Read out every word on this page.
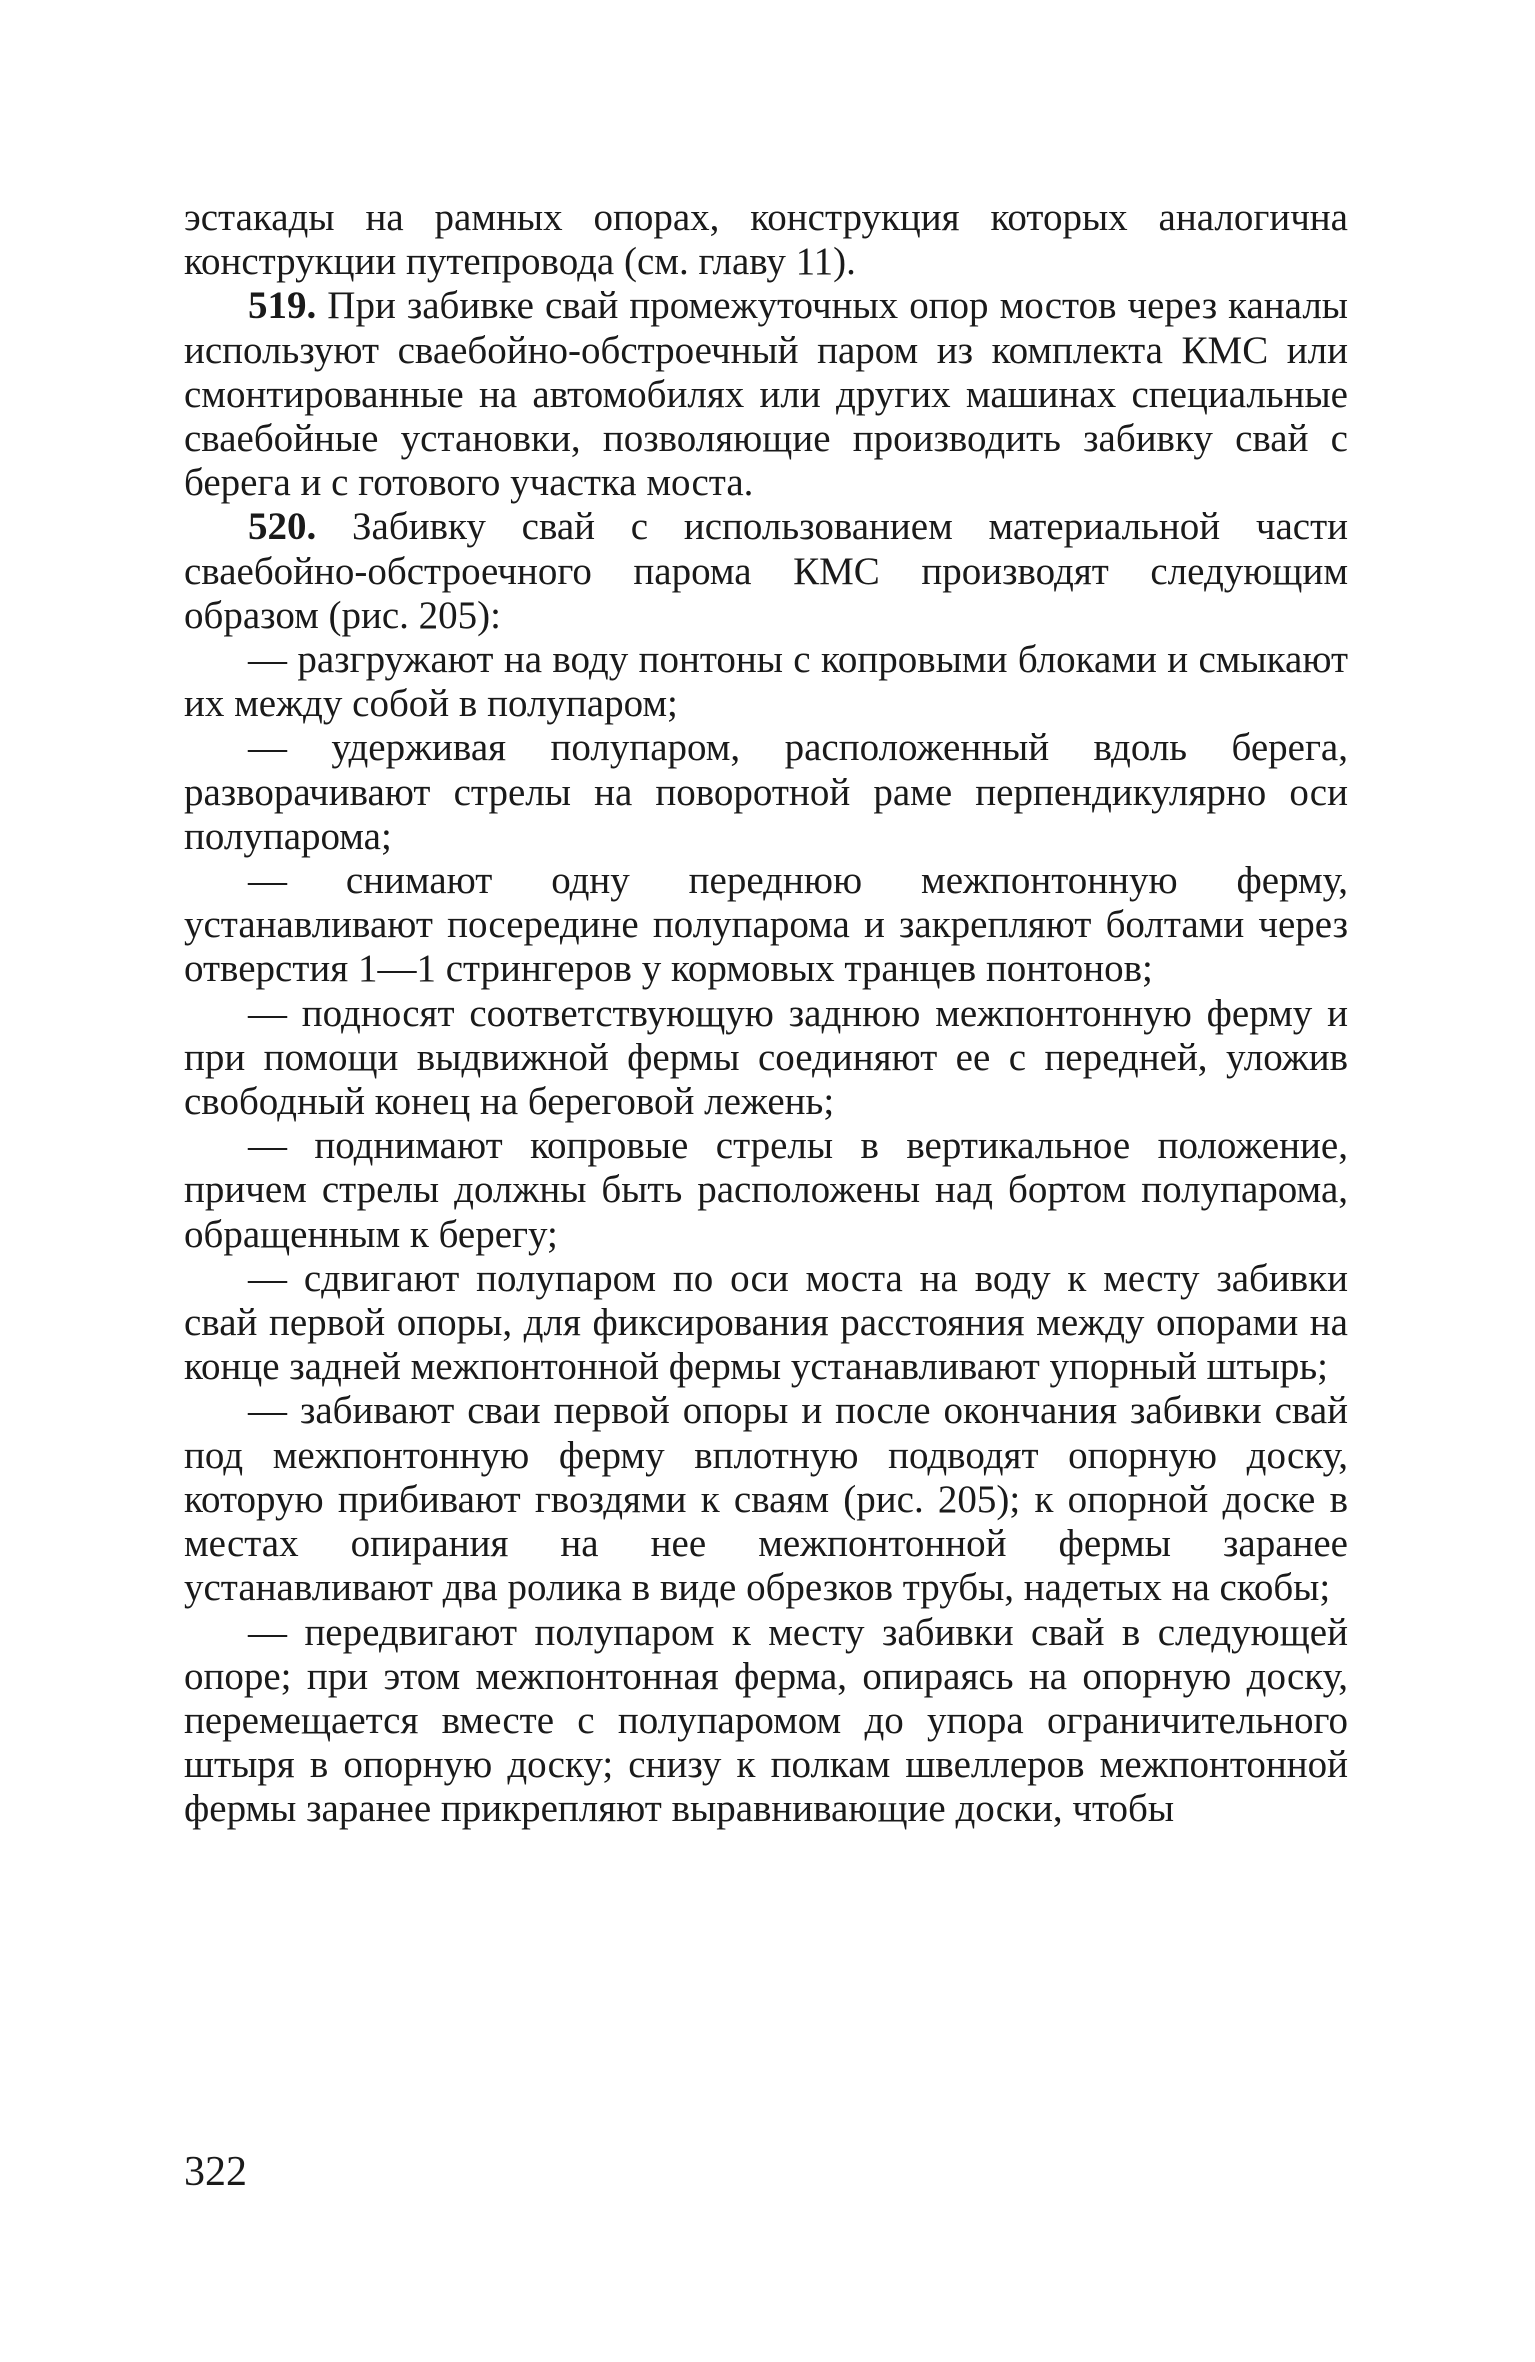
эстакады на рамных опорах, конструкция которых аналогична конструкции путепровода (см. главу 11).

519. При забивке свай промежуточных опор мостов через каналы используют сваебойно-обстроечный паром из комплекта КМС или смонтированные на автомобилях или других машинах специальные сваебойные установки, позволяющие производить забивку свай с берега и с готового участка моста.

520. Забивку свай с использованием материальной части сваебойно-обстроечного парома КМС производят следующим образом (рис. 205):

— разгружают на воду понтоны с копровыми блоками и смыкают их между собой в полупаром;

— удерживая полупаром, расположенный вдоль берега, разворачивают стрелы на поворотной раме перпендикулярно оси полупарома;

— снимают одну переднюю межпонтонную ферму, устанавливают посередине полупарома и закрепляют болтами через отверстия 1—1 стрингеров у кормовых транцев понтонов;

— подносят соответствующую заднюю межпонтонную ферму и при помощи выдвижной фермы соединяют ее с передней, уложив свободный конец на береговой лежень;

— поднимают копровые стрелы в вертикальное положение, причем стрелы должны быть расположены над бортом полупарома, обращенным к берегу;

— сдвигают полупаром по оси моста на воду к месту забивки свай первой опоры, для фиксирования расстояния между опорами на конце задней межпонтонной фермы устанавливают упорный штырь;

— забивают сваи первой опоры и после окончания забивки свай под межпонтонную ферму вплотную подводят опорную доску, которую прибивают гвоздями к сваям (рис. 205); к опорной доске в местах опирания на нее межпонтонной фермы заранее устанавливают два ролика в виде обрезков трубы, надетых на скобы;

— передвигают полупаром к месту забивки свай в следующей опоре; при этом межпонтонная ферма, опираясь на опорную доску, перемещается вместе с полупаромом до упора ограничительного штыря в опорную доску; снизу к полкам швеллеров межпонтонной фермы заранее прикрепляют выравнивающие доски, чтобы

322
